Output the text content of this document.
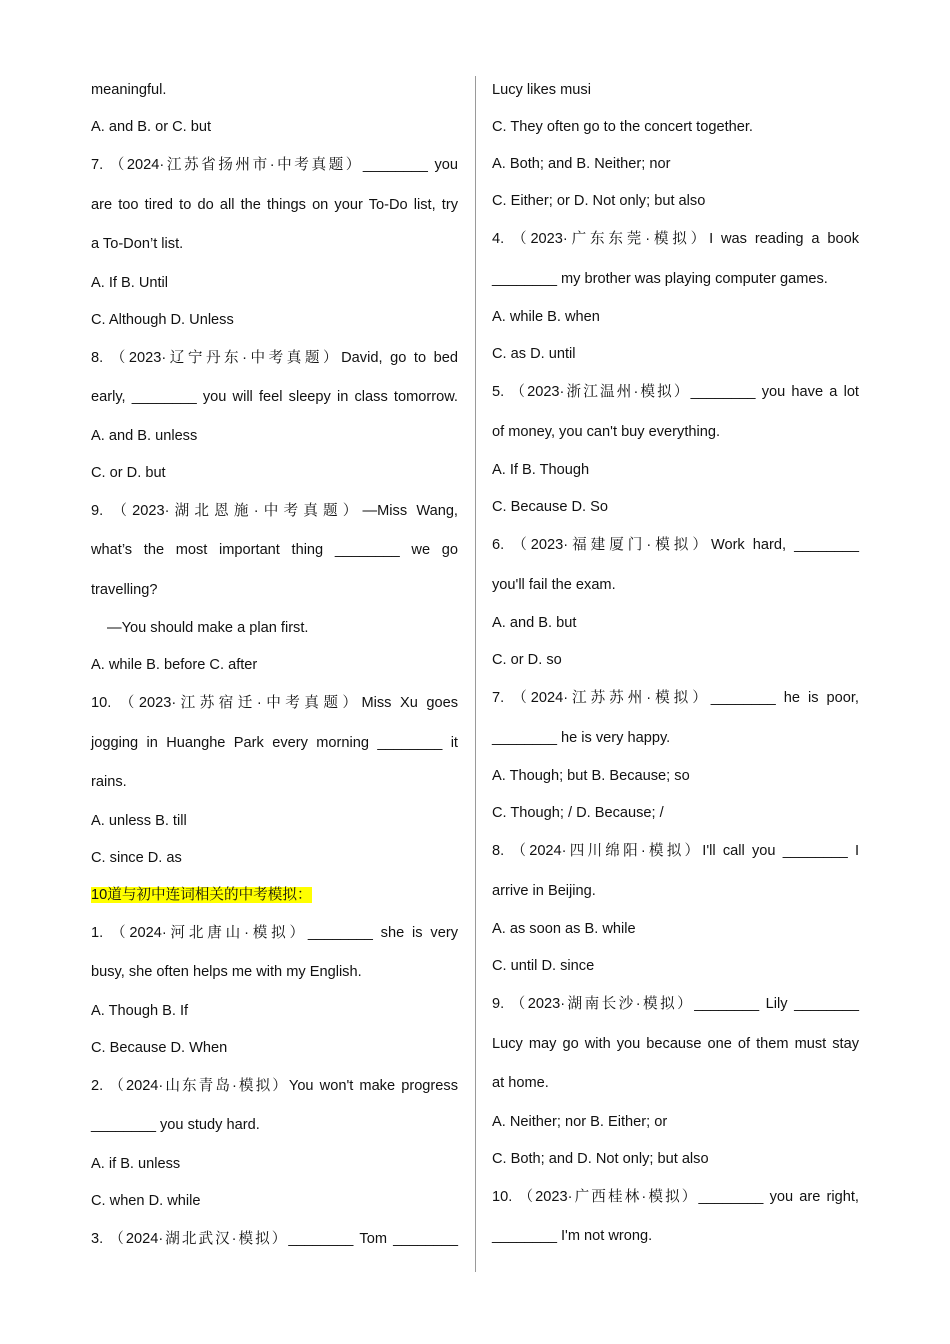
meaningful.
A. and B. or C. but
7. （2024·江苏省扬州市·中考真题）________ you
are too tired to do all the things on your To-Do list, try
a To-Don’t list.
A. If B. Until
C. Although D. Unless
8. （2023·辽宁丹东·中考真题）David, go to bed
early, ________ you will feel sleepy in class tomorrow.
A. and B. unless
C. or D. but
9. （2023·湖北恩施·中考真题）—Miss Wang,
what’s the most important thing ________ we go
travelling?
—You should make a plan first.
A. while B. before C. after
10. （2023·江苏宿迁·中考真题）Miss Xu goes
jogging in Huanghe Park every morning ________ it
rains.
A. unless B. till
C. since D. as
10道与初中连词相关的中考模拟：
1. （2024·河北唐山·模拟）________ she is very
busy, she often helps me with my English.
A. Though B. If
C. Because D. When
2. （2024·山东青岛·模拟）You won't make progress
________ you study hard.
A. if B. unless
C. when D. while
3. （2024·湖北武汉·模拟）________ Tom ________
Lucy likes musi
C. They often go to the concert together.
A. Both; and B. Neither; nor
C. Either; or D. Not only; but also
4. （2023·广东东莞·模拟）I was reading a book
________ my brother was playing computer games.
A. while B. when
C. as D. until
5. （2023·浙江温州·模拟）________ you have a lot
of money, you can't buy everything.
A. If B. Though
C. Because D. So
6. （2023·福建厦门·模拟）Work hard, ________
you'll fail the exam.
A. and B. but
C. or D. so
7. （2024·江苏苏州·模拟）________ he is poor,
________ he is very happy.
A. Though; but B. Because; so
C. Though; / D. Because; /
8. （2024·四川绵阳·模拟）I'll call you ________ I
arrive in Beijing.
A. as soon as B. while
C. until D. since
9. （2023·湖南长沙·模拟）________ Lily ________
Lucy may go with you because one of them must stay
at home.
A. Neither; nor B. Either; or
C. Both; and D. Not only; but also
10. （2023·广西桂林·模拟）________ you are right,
________ I'm not wrong.
